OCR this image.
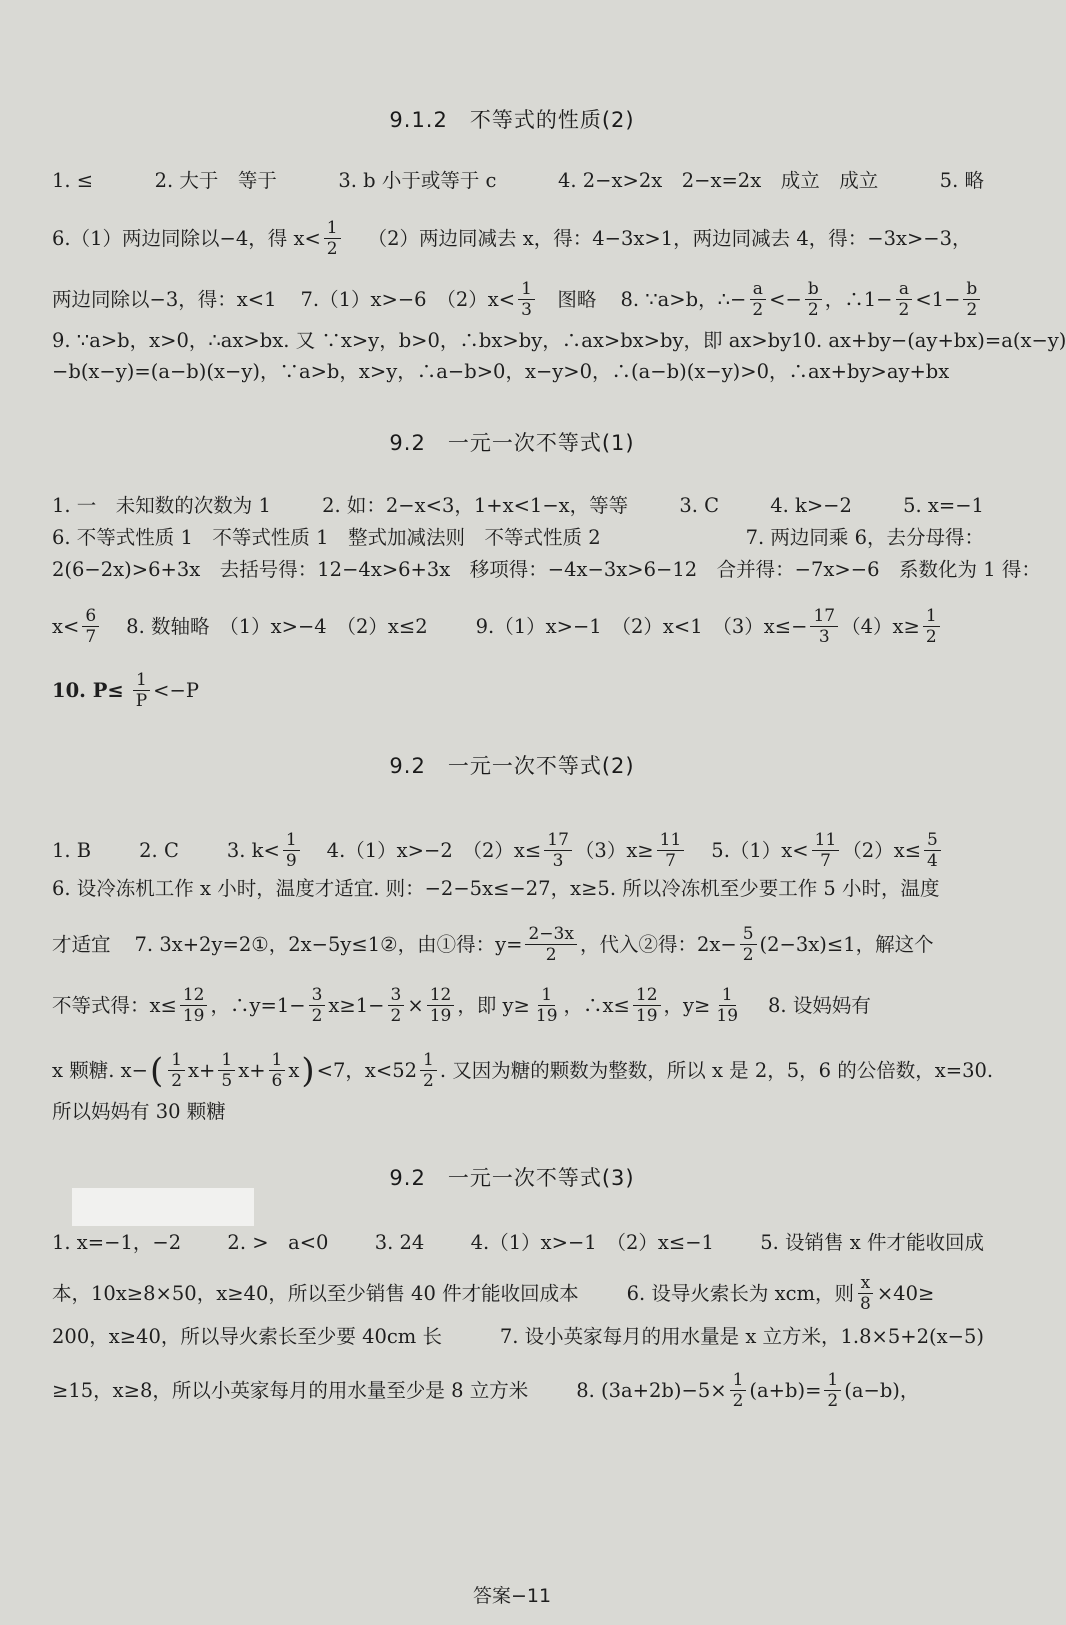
9.1.2　不等式的性质(2)
1. ≤	2. 大于　等于	3. b 小于或等于 c	4. 2−x>2x　2−x=2x　成立　成立	5. 略
6.（1）两边同除以−4，得 $x< \frac{1}{2} (2)$两边同减去 x，得：4−3x>1，两边同减去 4，得：−3x>−3，
两边同除以−3，得：x<1 7.（1）x>−6　$(2)x< \frac{1}{3}$ 　图略 8. ∵a>b，∴− $\frac{a}{2} <- \frac{b}{2}$ ，∴1− $\frac{a}{2} <1- \frac{b}{2}$
9. ∵a>b，x>0，∴ax>bx. 又 ∵x>y，b>0，∴bx>by，∴ax>bx>by，即 ax>by 10. ax+by−(ay+bx)=a(x−y)
−b(x−y)=(a−b)(x−y)，∵a>b，x>y，∴a−b>0，x−y>0，∴(a−b)(x−y)>0，∴ax+by>ay+bx
9.2　一元一次不等式(1)
1. 一　未知数的次数为 1	2. 如：2−x<3，1+x<1−x，等等	3. C	4. k>−2	5. x=−1
6. 不等式性质 1　不等式性质 1　整式加减法则　不等式性质 2	7. 两边同乘 6，去分母得：
2(6−2x)>6+3x　去括号得：12−4x>6+3x　移项得：−4x−3x>6−12　合并得：−7x>−6　系数化为 1 得：
$x< \frac{6}{7} 8$. 数轴略　（1）x>−4　（2）x≤2 9.（1）x>−1　（2）x<1　$(3)x\le- \frac{17}{3} (4)x\ge \frac{1}{2}$
10. $P\le \frac{1}{P} <-P$
9.2　一元一次不等式(2)
1. B 2. C 3. $k< \frac{1}{9} 4.(1)x>-2$　$(2)x\le \frac{17}{3} (3)x\ge \frac{11}{7} 5.(1)x< \frac{11}{7} (2)x\le \frac{5}{4}$
6. 设冷冻机工作 x 小时，温度才适宜. 则：−2−5x≤−27，x≥5. 所以冷冻机至少要工作 5 小时，温度
才适宜 7. 3x+2y=2①，2x−5y≤1②，由①得：$y= \frac{2-3x}{2}$ ，代入②得：$2x- \frac{5}{2} (2-3x)\le 1$，解这个
不等式得：$x\le \frac{12}{19}$ ，∴y=1− $\frac{3}{2} x\ge 1- \frac{3}{2} \times \frac{12}{19}$ ，即 $y\ge \frac{1}{19}$ ，∴x≤ $\frac{12}{19}$ ，$y\ge \frac{1}{19} 8$. 设妈妈有
x 颗糖. x− ( $\frac{1}{2} x+ \frac{1}{5} x+ \frac{1}{6}$ x ) <7，$x<52 \frac{1}{2}$ . 又因为糖的颗数为整数，所以 x 是 2，5，6 的公倍数，x=30.
所以妈妈有 30 颗糖
9.2　一元一次不等式(3)
1. x=−1，−2 2. >　a<0 3. 24 4.（1）x>−1　（2）x≤−1 5. 设销售 x 件才能收回成
本，10x≥8×50，x≥40，所以至少销售 40 件才能收回成本 6. 设导火索长为 xcm，则 $\frac{x}{8} \times 40\ge$
200，x≥40，所以导火索长至少要 40cm 长	7. 设小英家每月的用水量是 x 立方米，1.8×5+2(x−5)
≥15，x≥8，所以小英家每月的用水量至少是 8 立方米 8. $(3a+2b)-5\times \frac{1}{2} (a+b)= \frac{1}{2} (a-b)$，
答案−11
